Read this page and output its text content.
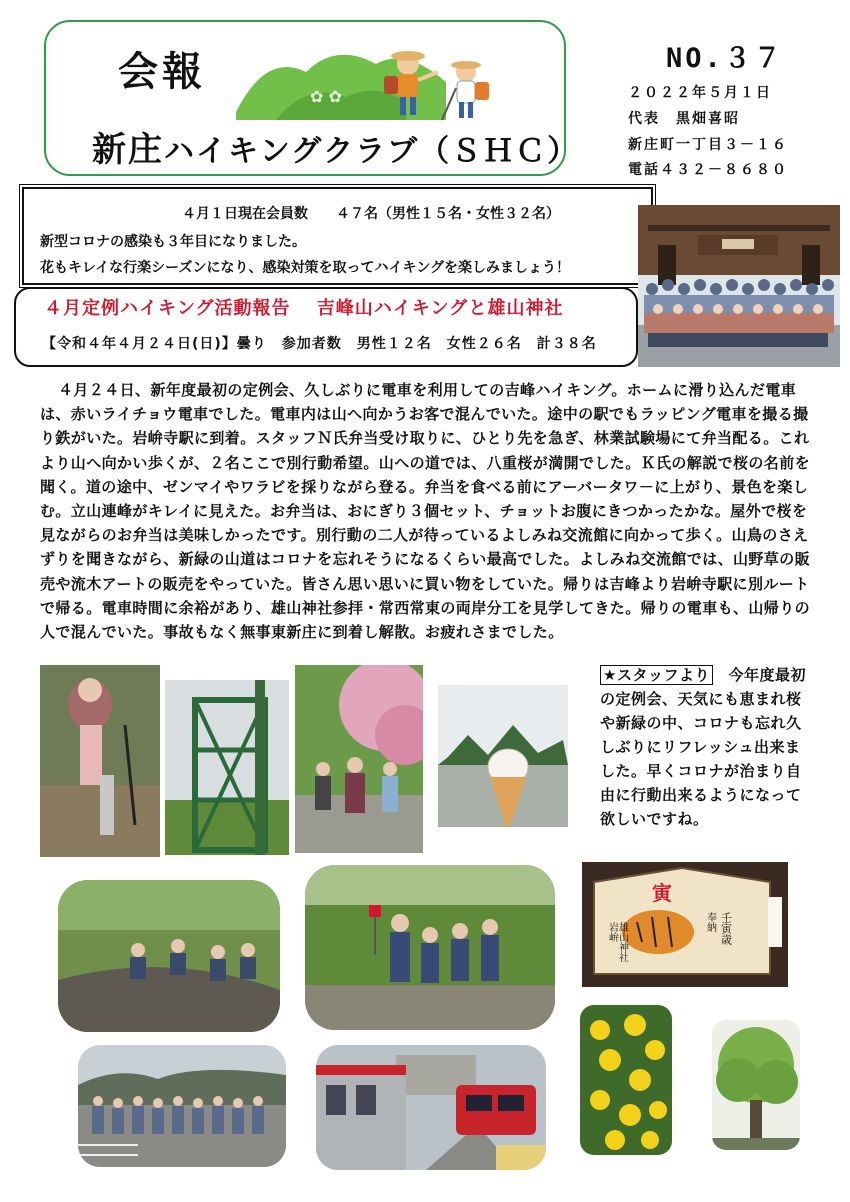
会報
✿ ✿
新庄ハイキングクラブ（ＳＨＣ）
NO.３７
２０２２年５月１日
代表　黒畑喜昭
新庄町一丁目３－１６
電話４３２－８６８０
４月１日現在会員数　　４７名（男性１５名・女性３２名）
新型コロナの感染も３年目になりました。
花もキレイな行楽シーズンになり、感染対策を取ってハイキングを楽しみましょう！
４月定例ハイキング活動報告　 吉峰山ハイキングと雄山神社
【令和４年４月２４日(日)】曇り　参加者数　男性１２名　女性２６名　計３８名
４月２４日、新年度最初の定例会、久しぶりに電車を利用しての吉峰ハイキング。ホームに滑り込んだ電車は、赤いライチョウ電車でした。電車内は山へ向かうお客で混んでいた。途中の駅でもラッピング電車を撮る撮り鉄がいた。岩峅寺駅に到着。スタッフＮ氏弁当受け取りに、ひとり先を急ぎ、林業試験場にて弁当配る。これより山へ向かい歩くが、２名ここで別行動希望。山への道では、八重桜が満開でした。Ｋ氏の解説で桜の名前を聞く。道の途中、ゼンマイやワラビを採りながら登る。弁当を食べる前にアーバータワ－に上がり、景色を楽しむ。立山連峰がキレイに見えた。お弁当は、おにぎり３個セット、チョットお腹にきつかったかな。屋外で桜を見ながらのお弁当は美味しかったです。別行動の二人が待っているよしみね交流館に向かって歩く。山鳥のさえずりを聞きながら、新緑の山道はコロナを忘れそうになるくらい最高でした。よしみね交流館では、山野草の販売や流木アートの販売をやっていた。皆さん思い思いに買い物をしていた。帰りは吉峰より岩峅寺駅に別ルートで帰る。電車時間に余裕があり、雄山神社参拝・常西常東の両岸分工を見学してきた。帰りの電車も、山帰りの人で混んでいた。事故もなく無事東新庄に到着し解散。お疲れさまでした。
★スタッフより　今年度最初の定例会、天気にも恵まれ桜や新緑の中、コロナも忘れ久しぶりにリフレッシュ出来ました。早くコロナが治まり自由に行動出来るようになって欲しいですね。
寅
岩峅 雄山神社	奉納 壬寅歳
